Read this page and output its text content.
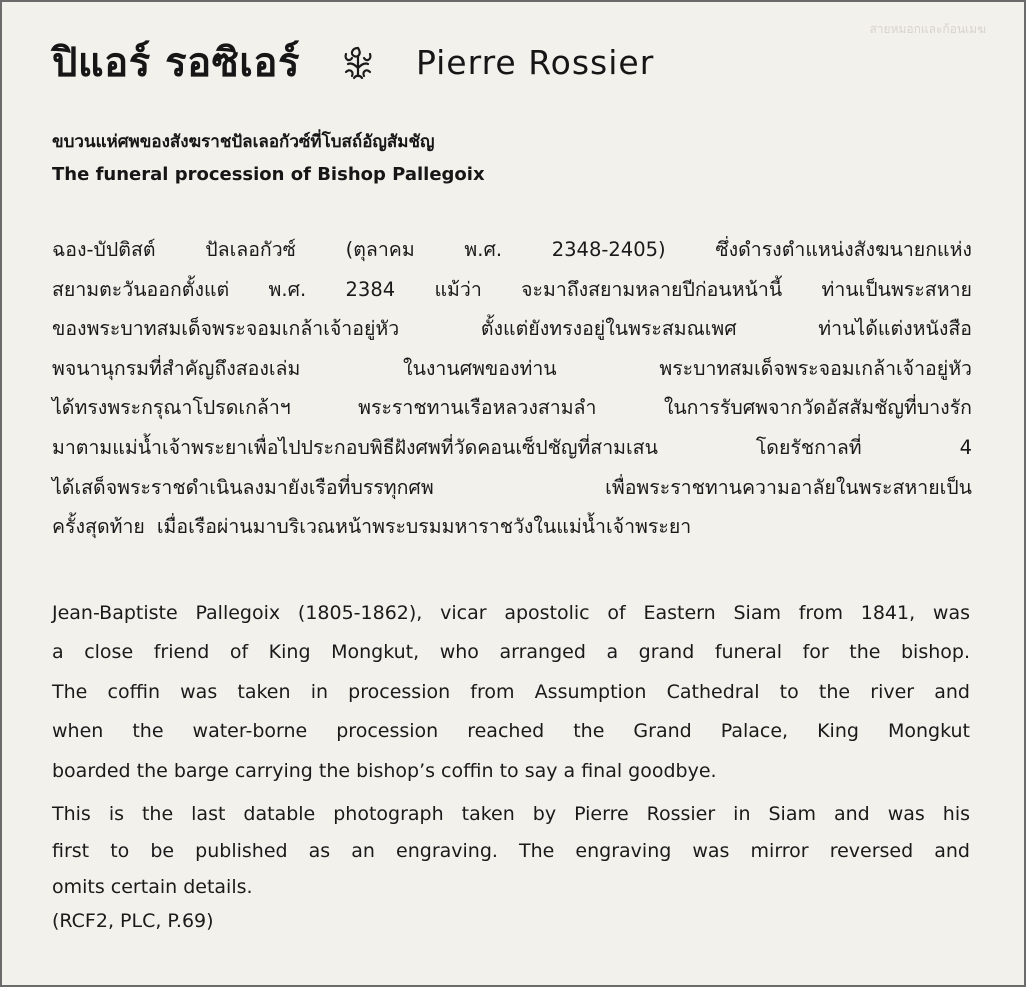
สายหมอกและก้อนเมฆ
ปิแอร์ รอซิเอร์	Pierre Rossier
ขบวนแห่ศพของสังฆราชปัลเลอกัวซ์ที่โบสถ์อัญสัมชัญ
The funeral procession of Bishop Pallegoix
ฉอง-บัปติสต์	ปัลเลอกัวซ์	(ตุลาคม	พ.ศ.	2348-2405)	ซึ่งดำรงตำแหน่งสังฆนายกแห่ง
สยามตะวันออกตั้งแต่ พ.ศ. 2384 แม้ว่า จะมาถึงสยามหลายปีก่อนหน้านี้ ท่านเป็นพระสหาย
ของพระบาทสมเด็จพระจอมเกล้าเจ้าอยู่หัว	ตั้งแต่ยังทรงอยู่ในพระสมณเพศ	ท่านได้แต่งหนังสือ
พจนานุกรมที่สำคัญถึงสองเล่ม	ในงานศพของท่าน	พระบาทสมเด็จพระจอมเกล้าเจ้าอยู่หัว
ได้ทรงพระกรุณาโปรดเกล้าฯ	พระราชทานเรือหลวงสามลำ	ในการรับศพจากวัดอัสสัมชัญที่บางรัก
มาตามแม่น้ำเจ้าพระยาเพื่อไปประกอบพิธีฝังศพที่วัดคอนเซ็ปชัญที่สามเสน	โดยรัชกาลที่	4
ได้เสด็จพระราชดำเนินลงมายังเรือที่บรรทุกศพ	เพื่อพระราชทานความอาลัยในพระสหายเป็น
ครั้งสุดท้าย เมื่อเรือผ่านมาบริเวณหน้าพระบรมมหาราชวังในแม่น้ำเจ้าพระยา
Jean-Baptiste Pallegoix (1805-1862), vicar apostolic of Eastern Siam from 1841, was
a close friend of King Mongkut, who arranged a grand funeral for the bishop.
The coffin was taken in procession from Assumption Cathedral to the river and
when the water-borne procession reached the Grand Palace, King Mongkut
boarded the barge carrying the bishop’s coffin to say a final goodbye.
This is the last datable photograph taken by Pierre Rossier in Siam and was his
first to be published as an engraving. The engraving was mirror reversed and
omits certain details.
(RCF2, PLC, P.69)
